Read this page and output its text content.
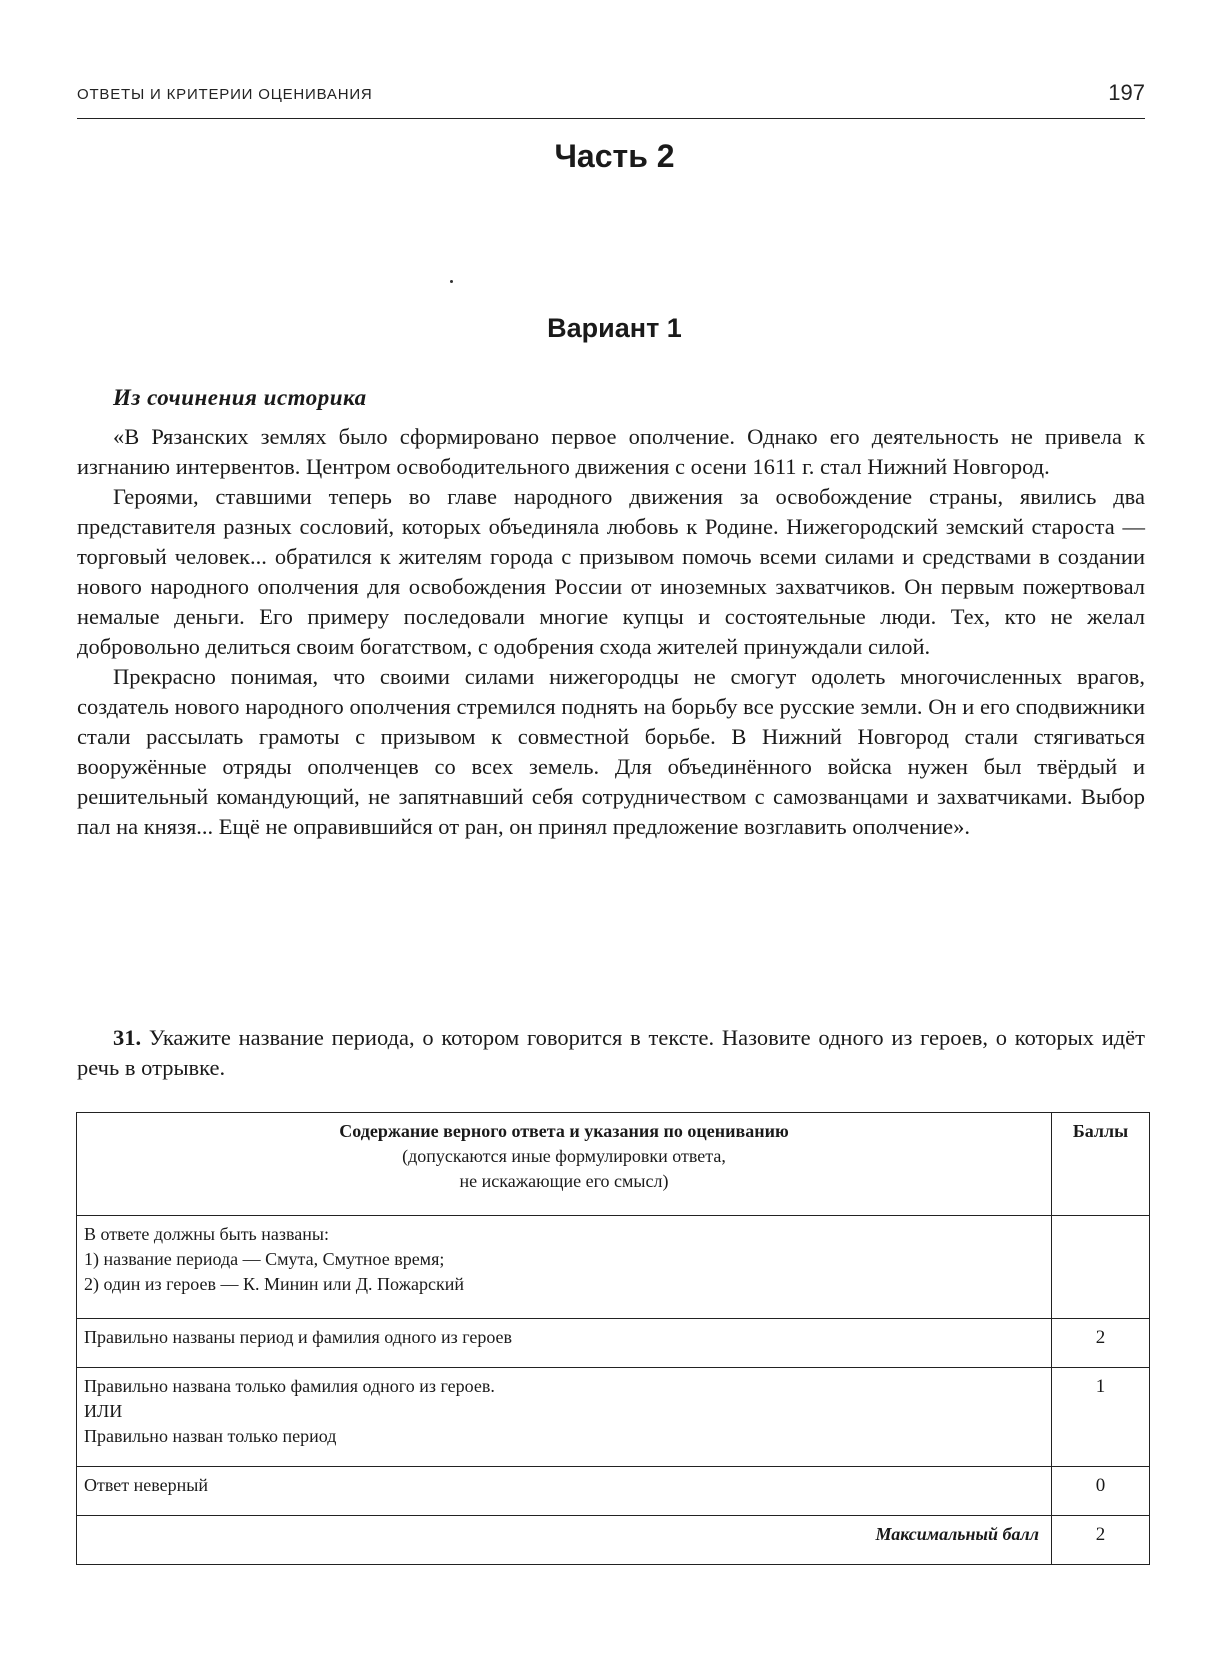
ОТВЕТЫ И КРИТЕРИИ ОЦЕНИВАНИЯ	197
Часть 2
Вариант 1
Из сочинения историка

«В Рязанских землях было сформировано первое ополчение. Однако его деятельность не привела к изгнанию интервентов. Центром освободительного движения с осени 1611 г. стал Нижний Новгород.

Героями, ставшими теперь во главе народного движения за освобождение страны, явились два представителя разных сословий, которых объединяла любовь к Родине. Нижегородский земский староста — торговый человек... обратился к жителям города с призывом помочь всеми силами и средствами в создании нового народного ополчения для освобождения России от иноземных захватчиков. Он первым пожертвовал немалые деньги. Его примеру последовали многие купцы и состоятельные люди. Тех, кто не желал добровольно делиться своим богатством, с одобрения схода жителей принуждали силой.

Прекрасно понимая, что своими силами нижегородцы не смогут одолеть многочисленных врагов, создатель нового народного ополчения стремился поднять на борьбу все русские земли. Он и его сподвижники стали рассылать грамоты с призывом к совместной борьбе. В Нижний Новгород стали стягиваться вооружённые отряды ополченцев со всех земель. Для объединённого войска нужен был твёрдый и решительный командующий, не запятнавший себя сотрудничеством с самозванцами и захватчиками. Выбор пал на князя... Ещё не оправившийся от ран, он принял предложение возглавить ополчение».

31. Укажите название периода, о котором говорится в тексте. Назовите одного из героев, о которых идёт речь в отрывке.

Содержание верного ответа и указания по оцениванию
(допускаются иные формулировки ответа,
не искажающие его смысл)	Баллы

В ответе должны быть названы:
1) название периода — Смута, Смутное время;
2) один из героев — К. Минин или Д. Пожарский	

Правильно названы период и фамилия одного из героев	2

Правильно названа только фамилия одного из героев.
ИЛИ
Правильно назван только период	1
Ответ неверный	0
Максимальный балл	2
